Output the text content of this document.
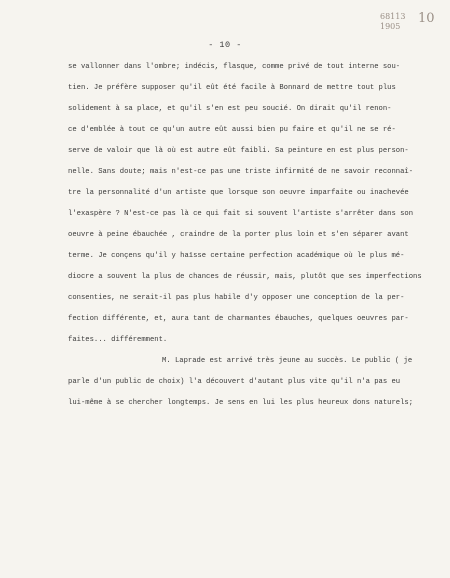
68113
1905
10
- 10 -
se vallonner dans l'ombre; indécis, flasque, comme privé de tout interne sou-
tien. Je préfère supposer qu'il eût été facile à Bonnard de mettre tout plus
solidement à sa place, et qu'il s'en est peu soucié. On dirait qu'il renon-
ce d'emblée à tout ce qu'un autre eût aussi bien pu faire et qu'il ne se ré-
serve de valoir que là où est autre eût faibli. Sa peinture en est plus person-
nelle. Sans doute; mais n'est-ce pas une triste infirmité de ne savoir reconnaî-
tre la personnalité d'un artiste que lorsque son oeuvre imparfaite ou inachevée
l'exaspère ? N'est-ce pas là ce qui fait si souvent l'artiste s'arrêter dans son
oeuvre à peine ébauchée , craindre de la porter plus loin et s'en séparer avant
terme. Je conçens qu'il y haïsse certaine perfection académique où le plus mé-
diocre a souvent la plus de chances de réussir, mais, plutôt que ses imperfections
consenties, ne serait-il pas plus habile d'y opposer une conception de la per-
fection différente, et, aura tant de charmantes ébauches, quelques oeuvres par-
faites... différemment.
M. Laprade est arrivé très jeune au succès. Le public ( je
parle d'un public de choix) l'a découvert d'autant plus vite qu'il n'a pas eu
lui-même à se chercher longtemps. Je sens en lui les plus heureux dons naturels;
